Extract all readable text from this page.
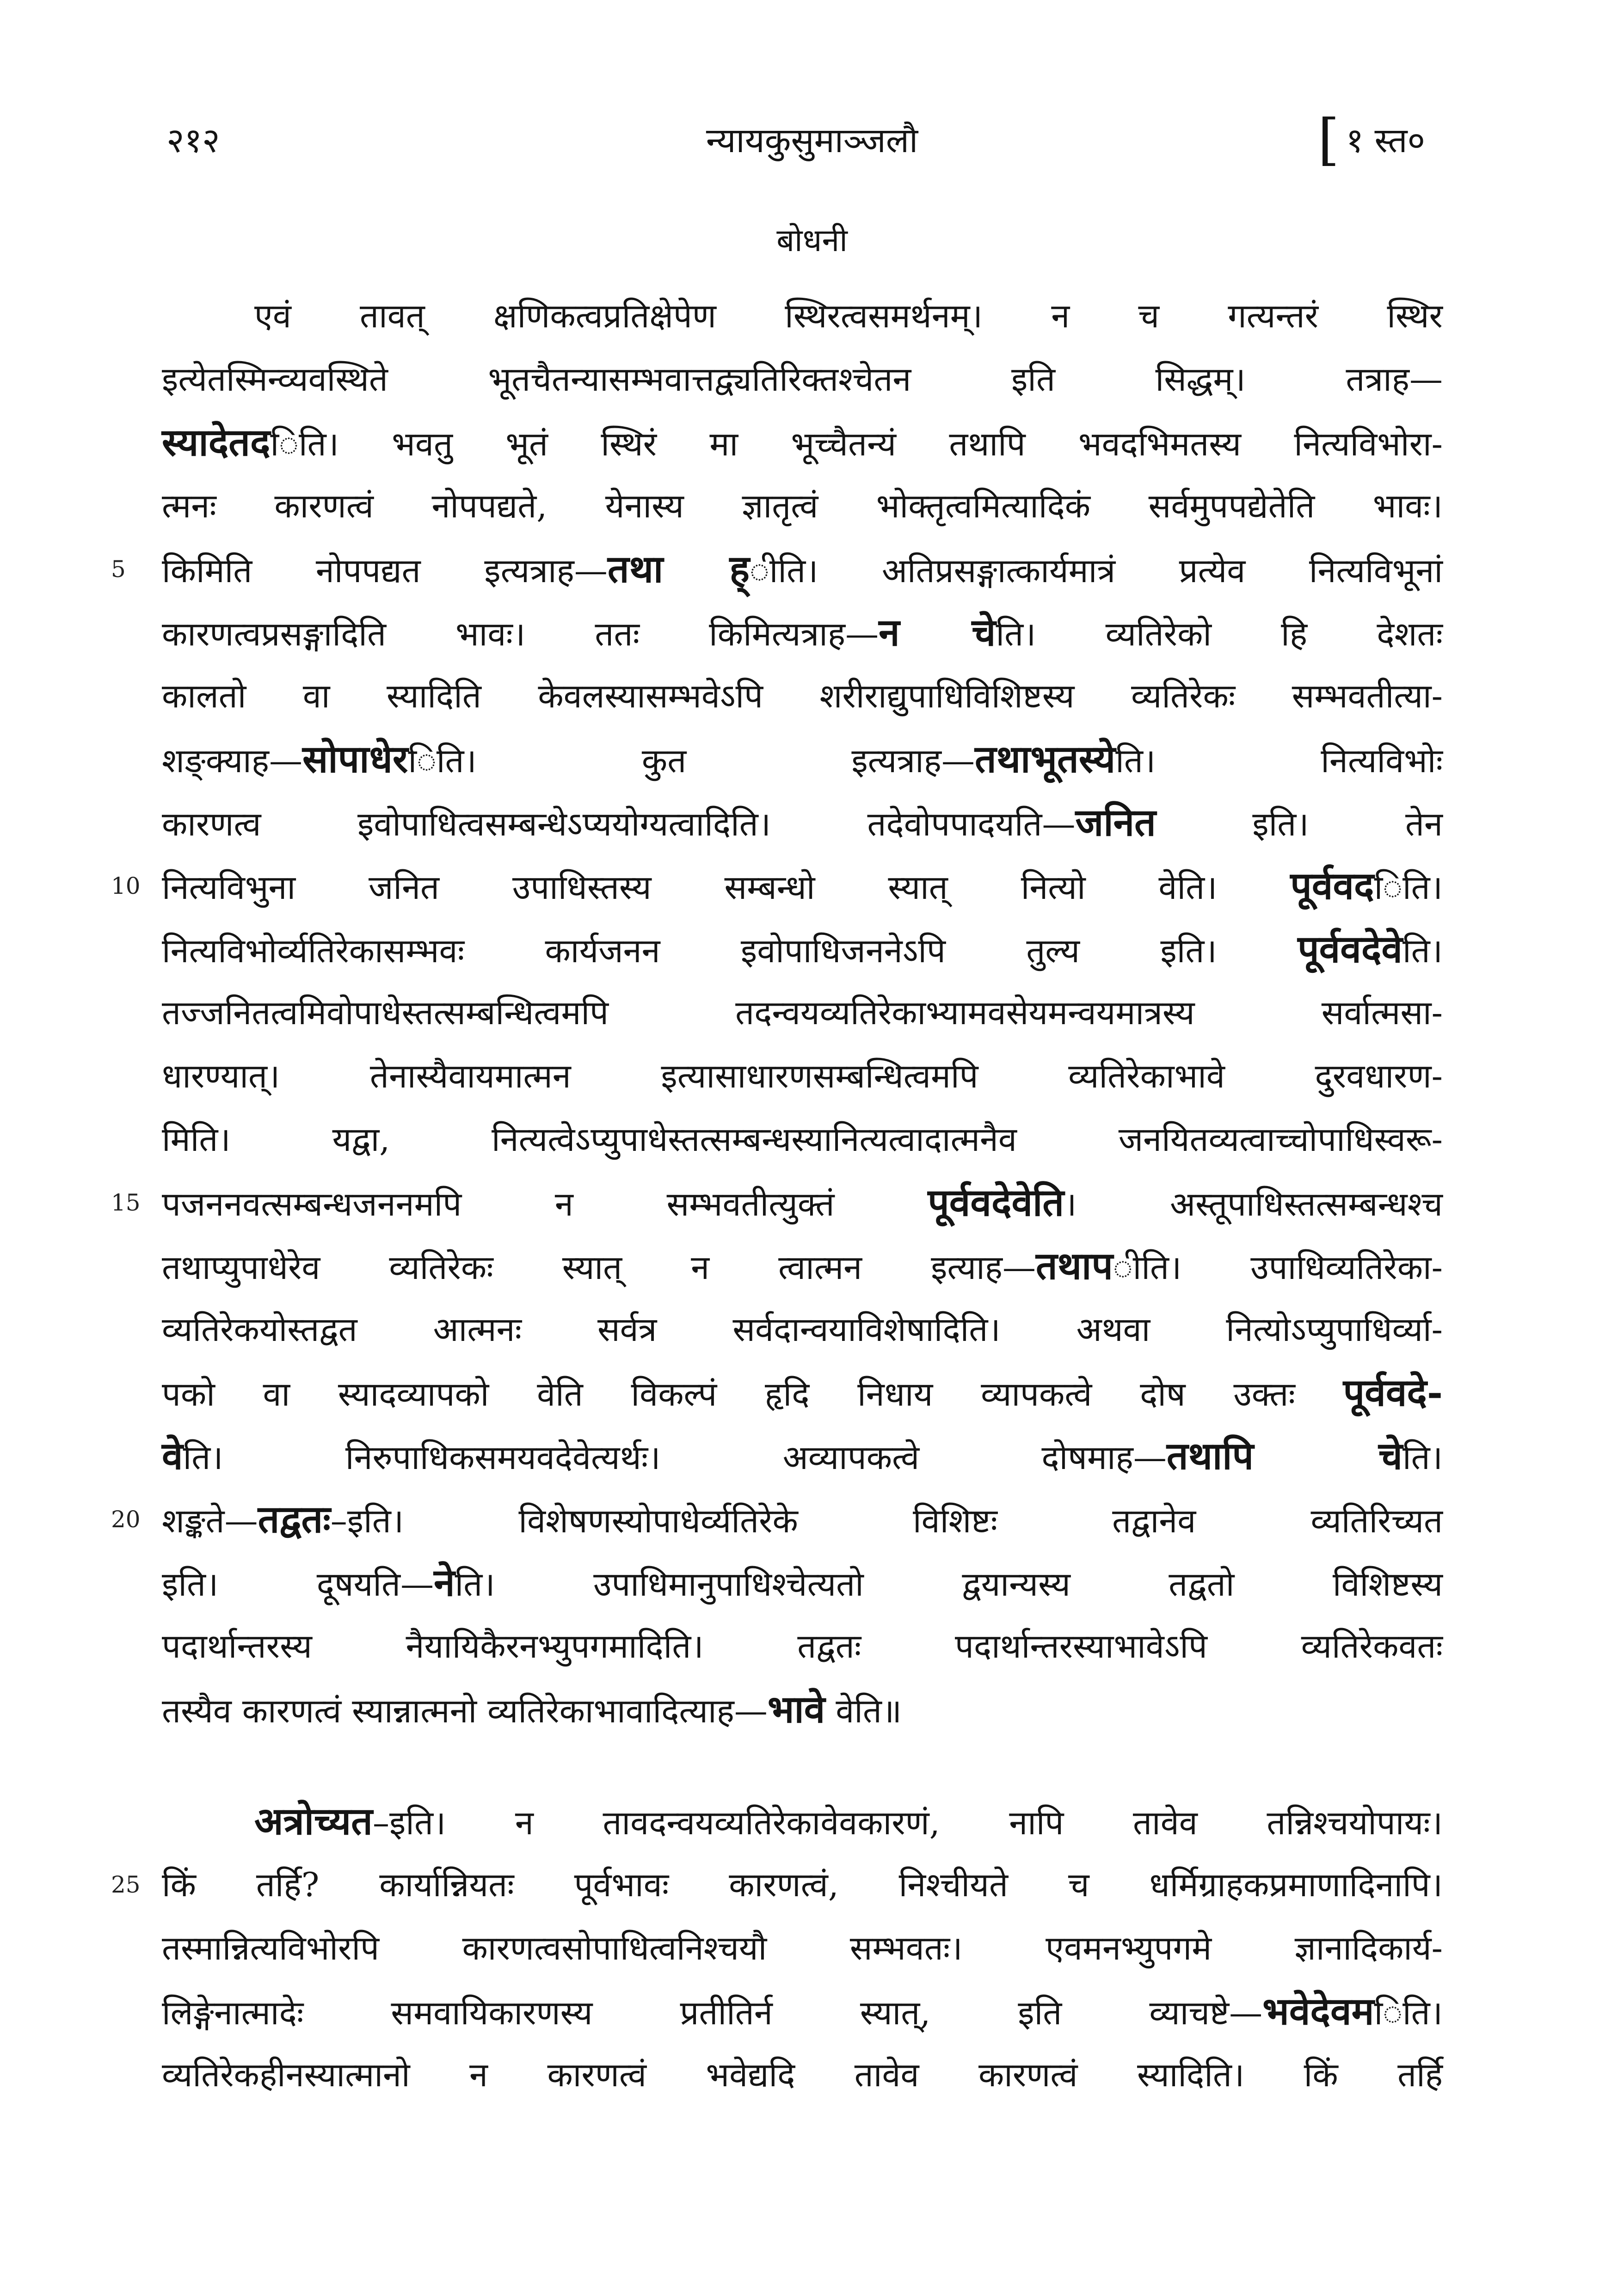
२१२	न्यायकुसुमाञ्जलौ	[ १ स्त०
बोधनी
एवं तावत् क्षणिकत्वप्रतिक्षेपेण स्थिरत्वसमर्थनम्। न च गत्यन्तरं स्थिर
इत्येतस्मिन्व्यवस्थिते भूतचैतन्यासम्भवात्तद्व्यतिरिक्तश्चेतन इति सिद्धम्। तत्राह—
स्यादेतदिति। भवतु भूतं स्थिरं मा भूच्चैतन्यं तथापि भवदभिमतस्य नित्यविभोरा-
त्मनः कारणत्वं नोपपद्यते, येनास्य ज्ञातृत्वं भोक्तृत्वमित्यादिकं सर्वमुपपद्येतेति भावः।
5 किमिति नोपपद्यत इत्यत्राह—तथा ह्ीति। अतिप्रसङ्गात्कार्यमात्रं प्रत्येव नित्यविभूनां
कारणत्वप्रसङ्गादिति भावः। ततः किमित्यत्राह—न चेति। व्यतिरेको हि देशतः
कालतो वा स्यादिति केवलस्यासम्भवेऽपि शरीराद्युपाधिविशिष्टस्य व्यतिरेकः सम्भवतीत्या-
शङ्क्याह—सोपाधेरिति। कुत इत्यत्राह—तथाभूतस्येति। नित्यविभोः
कारणत्व इवोपाधित्वसम्बन्धेऽप्ययोग्यत्वादिति। तदेवोपपादयति—जनित इति। तेन
10 नित्यविभुना जनित उपाधिस्तस्य सम्बन्धो स्यात् नित्यो वेति। पूर्ववदिति।
नित्यविभोर्व्यतिरेकासम्भवः कार्यजनन इवोपाधिजननेऽपि तुल्य इति। पूर्ववदेवेति।
तज्जनितत्वमिवोपाधेस्तत्सम्बन्धित्वमपि तदन्वयव्यतिरेकाभ्यामवसेयमन्वयमात्रस्य सर्वात्मसा-
धारण्यात्। तेनास्यैवायमात्मन इत्यासाधारणसम्बन्धित्वमपि व्यतिरेकाभावे दुरवधारण-
मिति। यद्वा, नित्यत्वेऽप्युपाधेस्तत्सम्बन्धस्यानित्यत्वादात्मनैव जनयितव्यत्वाच्चोपाधिस्वरू-
15 पजननवत्सम्बन्धजननमपि न सम्भवतीत्युक्तं पूर्ववदेवेति। अस्तूपाधिस्तत्सम्बन्धश्च
तथाप्युपाधेरेव व्यतिरेकः स्यात् न त्वात्मन इत्याह—तथापीति। उपाधिव्यतिरेका-
व्यतिरेकयोस्तद्वत आत्मनः सर्वत्र सर्वदान्वयाविशेषादिति। अथवा नित्योऽप्युपाधिर्व्या-
पको वा स्यादव्यापको वेति विकल्पं हृदि निधाय व्यापकत्वे दोष उक्तः पूर्ववदे-
वेति। निरुपाधिकसमयवदेवेत्यर्थः। अव्यापकत्वे दोषमाह—तथापि चेति।
20 शङ्कते—तद्वतः–इति। विशेषणस्योपाधेर्व्यतिरेके विशिष्टः तद्वानेव व्यतिरिच्यत
इति। दूषयति—नेति। उपाधिमानुपाधिश्चेत्यतो द्वयान्यस्य तद्वतो विशिष्टस्य
पदार्थान्तरस्य नैयायिकैरनभ्युपगमादिति। तद्वतः पदार्थान्तरस्याभावेऽपि व्यतिरेकवतः
तस्यैव कारणत्वं स्यान्नात्मनो व्यतिरेकाभावादित्याह—भावे वेति॥
अत्रोच्यत–इति। न तावदन्वयव्यतिरेकावेवकारणं, नापि तावेव तन्निश्चयोपायः।
25 किं तर्हि? कार्यान्नियतः पूर्वभावः कारणत्वं, निश्चीयते च धर्मिग्राहकप्रमाणादिनापि।
तस्मान्नित्यविभोरपि कारणत्वसोपाधित्वनिश्चयौ सम्भवतः। एवमनभ्युपगमे ज्ञानादिकार्य-
लिङ्गेनात्मादेः समवायिकारणस्य प्रतीतिर्न स्यात्, इति व्याचष्टे—भवेदेवमिति।
व्यतिरेकहीनस्यात्मानो न कारणत्वं भवेद्यदि तावेव कारणत्वं स्यादिति। किं तर्हि
